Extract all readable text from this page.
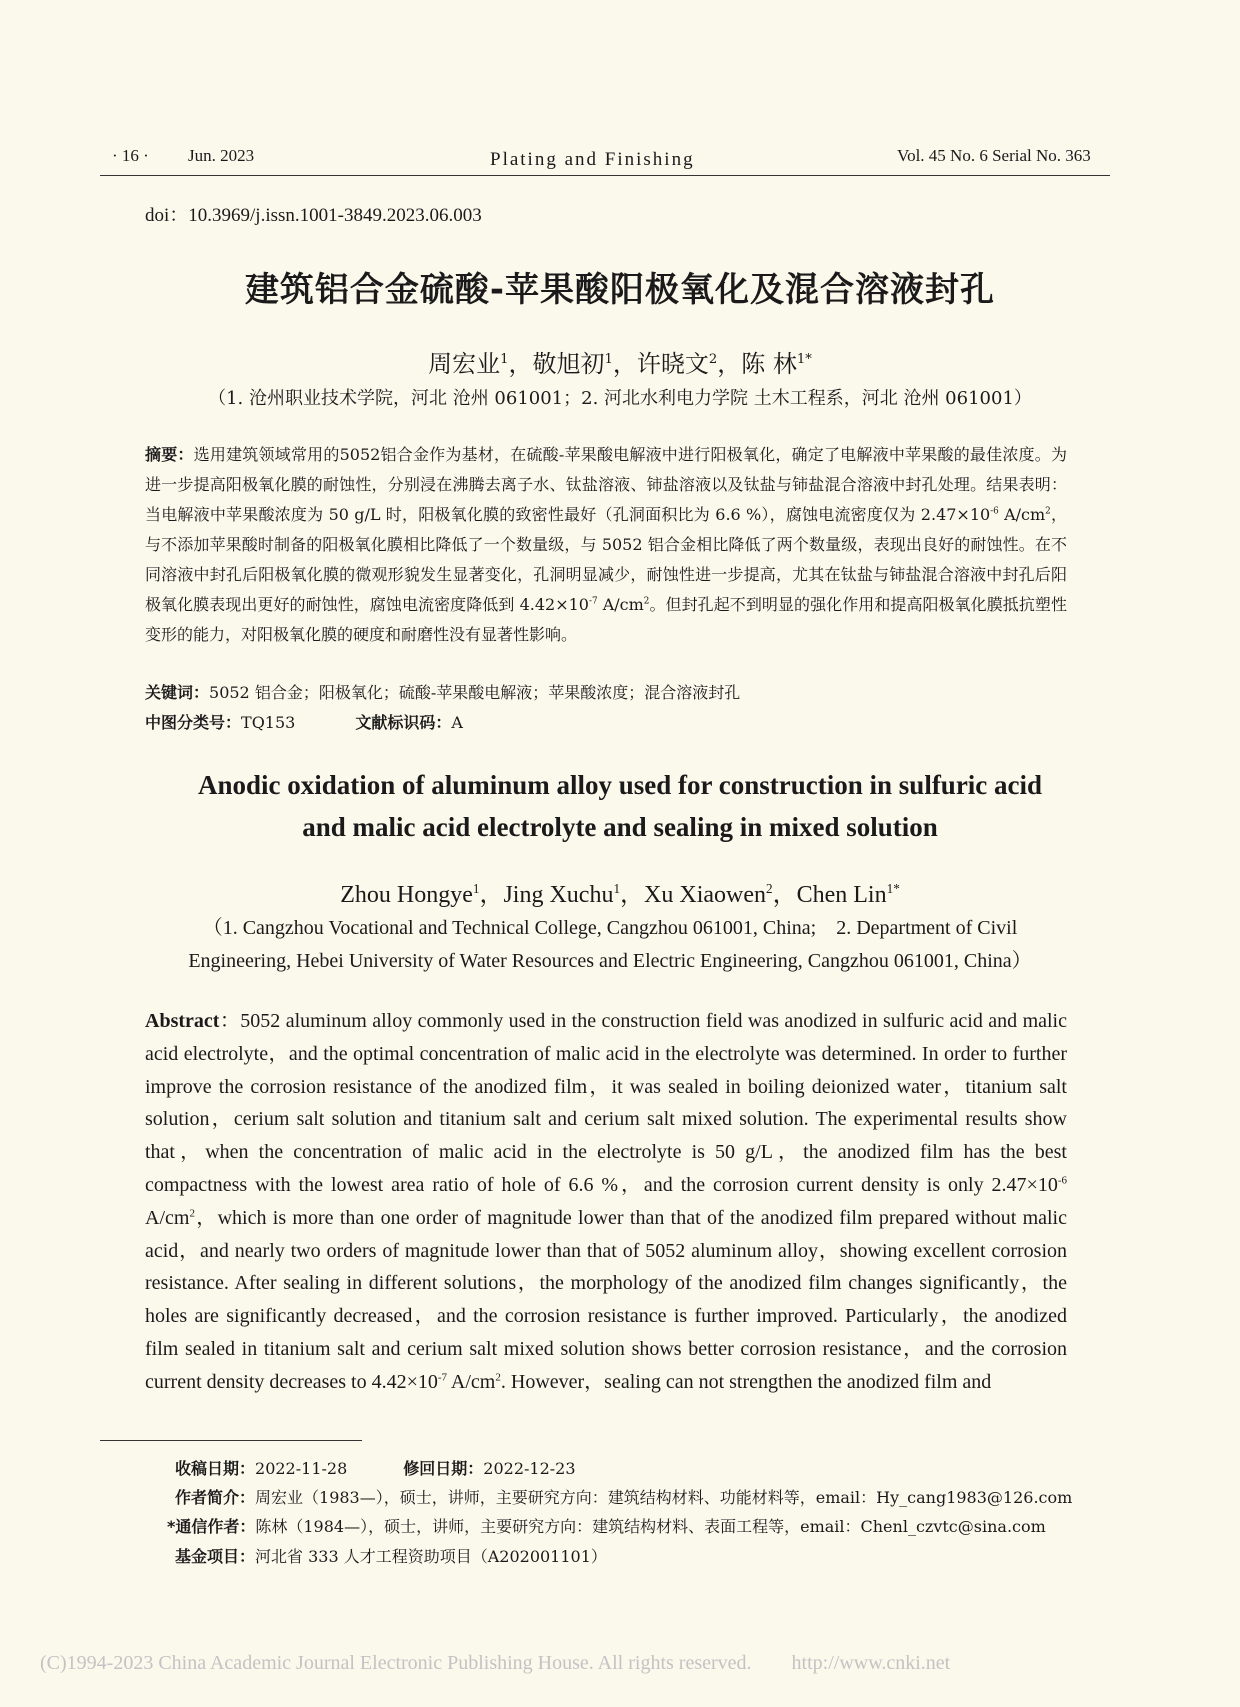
· 16 · Jun. 2023	Plating and Finishing	Vol. 45 No. 6 Serial No. 363
doi：10.3969/j.issn.1001-3849.2023.06.003
建筑铝合金硫酸-苹果酸阳极氧化及混合溶液封孔
周宏业$^1$，敬旭初$^1$，许晓文$^2$，陈 林$^{1*}$
（1. 沧州职业技术学院，河北 沧州 061001；2. 河北水利电力学院 土木工程系，河北 沧州 061001）
摘要：选用建筑领域常用的5052铝合金作为基材，在硫酸-苹果酸电解液中进行阳极氧化，确定了电解液中苹果酸的最佳浓度。为进一步提高阳极氧化膜的耐蚀性，分别浸在沸腾去离子水、钛盐溶液、铈盐溶液以及钛盐与铈盐混合溶液中封孔处理。结果表明：当电解液中苹果酸浓度为 50 g/L 时，阳极氧化膜的致密性最好（孔洞面积比为 6.6 %），腐蚀电流密度仅为 $2.47\times 10^{-6}$ $A/cm^2$，与不添加苹果酸时制备的阳极氧化膜相比降低了一个数量级，与 5052 铝合金相比降低了两个数量级，表现出良好的耐蚀性。在不同溶液中封孔后阳极氧化膜的微观形貌发生显著变化，孔洞明显减少，耐蚀性进一步提高，尤其在钛盐与铈盐混合溶液中封孔后阳极氧化膜表现出更好的耐蚀性，腐蚀电流密度降低到 $4.42\times 10^{-7}$ $A/cm^2$。但封孔起不到明显的强化作用和提高阳极氧化膜抵抗塑性变形的能力，对阳极氧化膜的硬度和耐磨性没有显著性影响。
关键词：5052 铝合金；阳极氧化；硫酸-苹果酸电解液；苹果酸浓度；混合溶液封孔
中图分类号：TQ153	文献标识码：A
Anodic oxidation of aluminum alloy used for construction in sulfuric acid
and malic acid electrolyte and sealing in mixed solution
Zhou Hongye$^1$，Jing Xuchu$^1$，Xu Xiaowen$^2$，Chen Lin$^{1*}$
（1. Cangzhou Vocational and Technical College, Cangzhou 061001, China;　2. Department of Civil Engineering, Hebei University of Water Resources and Electric Engineering, Cangzhou 061001, China）
Abstract：5052 aluminum alloy commonly used in the construction field was anodized in sulfuric acid and malic acid electrolyte，and the optimal concentration of malic acid in the electrolyte was determined. In order to further improve the corrosion resistance of the anodized film，it was sealed in boiling deionized water，titanium salt solution，cerium salt solution and titanium salt and cerium salt mixed solution. The experimental results show that，when the concentration of malic acid in the electrolyte is 50 g/L，the anodized film has the best compactness with the lowest area ratio of hole of 6.6 %，and the corrosion current density is only $2.47\times 10^{-6}$ $A/cm^2$，which is more than one order of magnitude lower than that of the anodized film prepared without malic acid，and nearly two orders of magnitude lower than that of 5052 aluminum alloy，showing excellent corrosion resistance. After sealing in different solutions，the morphology of the anodized film changes significantly，the holes are significantly decreased，and the corrosion resistance is further improved. Particularly，the anodized film sealed in titanium salt and cerium salt mixed solution shows better corrosion resistance，and the corrosion current density decreases to $4.42\times 10^{-7}$ $A/cm^2$. However，sealing can not strengthen the anodized film and
收稿日期：2022-11-28	修回日期：2022-12-23
作者简介：周宏业（1983—），硕士，讲师，主要研究方向：建筑结构材料、功能材料等，email：Hy_cang1983@126.com
*通信作者：陈林（1984—），硕士，讲师，主要研究方向：建筑结构材料、表面工程等，email：Chenl_czvtc@sina.com
基金项目：河北省 333 人才工程资助项目（A202001101）
(C)1994-2023 China Academic Journal Electronic Publishing House. All rights reserved.　　http://www.cnki.net
